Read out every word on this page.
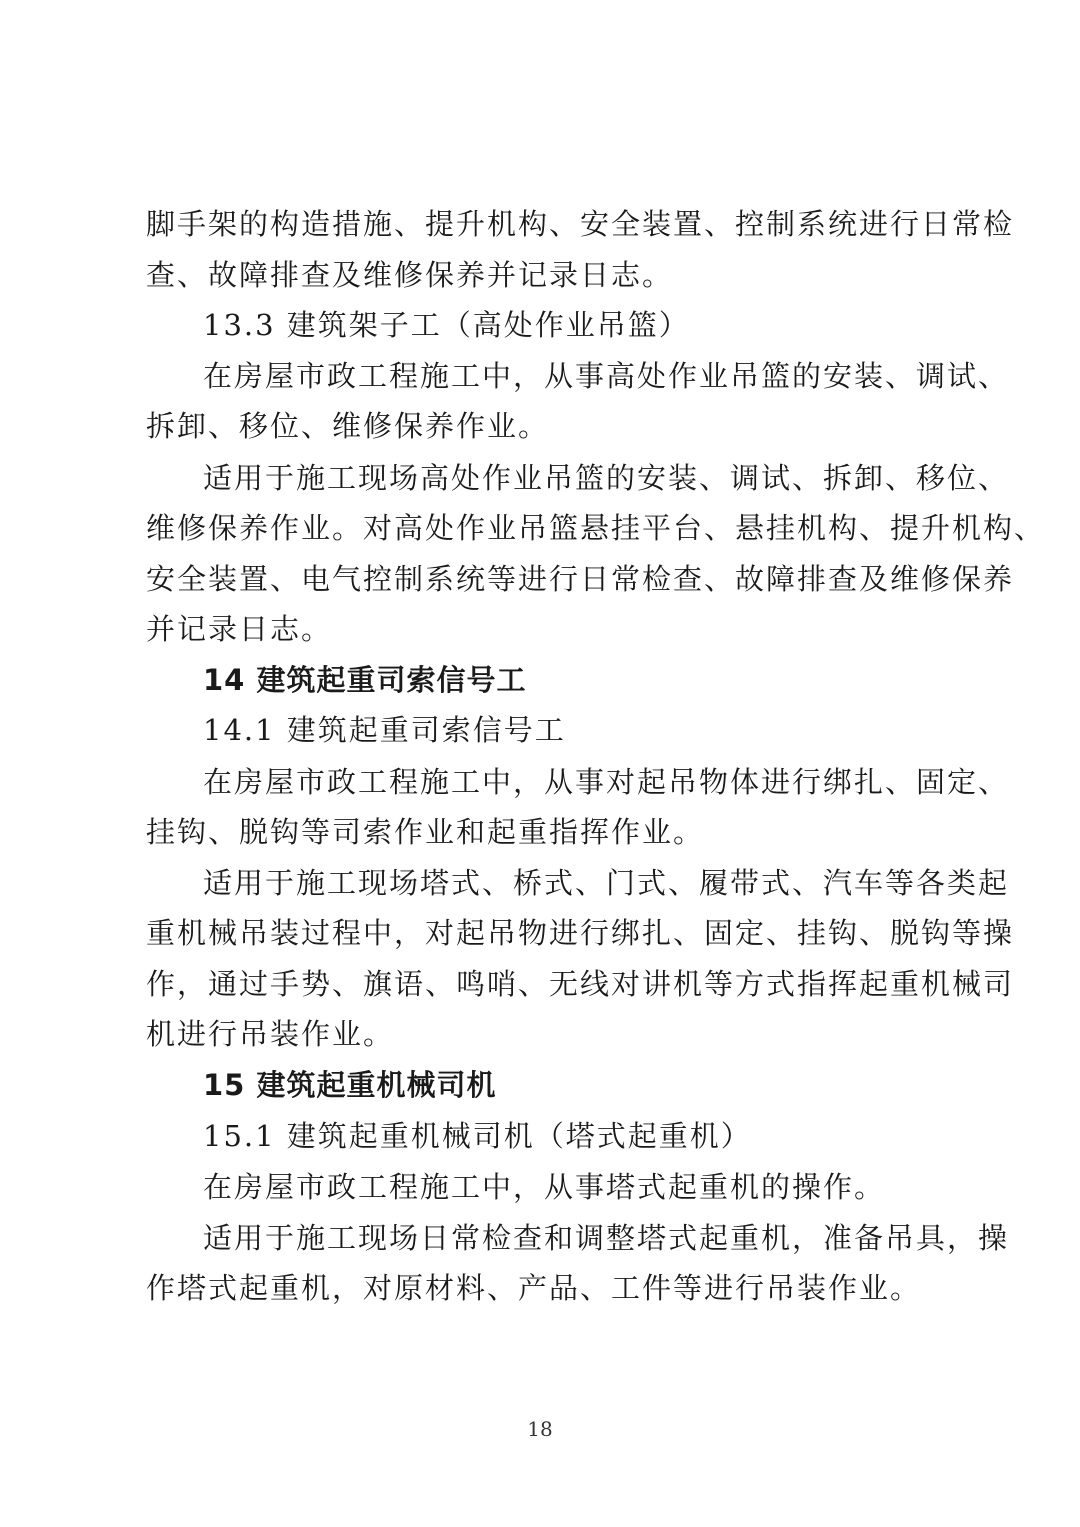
脚手架的构造措施、提升机构、安全装置、控制系统进行日常检
查、故障排查及维修保养并记录日志。
13.3 建筑架子工（高处作业吊篮）
在房屋市政工程施工中，从事高处作业吊篮的安装、调试、
拆卸、移位、维修保养作业。
适用于施工现场高处作业吊篮的安装、调试、拆卸、移位、
维修保养作业。对高处作业吊篮悬挂平台、悬挂机构、提升机构、
安全装置、电气控制系统等进行日常检查、故障排查及维修保养
并记录日志。
14 建筑起重司索信号工
14.1 建筑起重司索信号工
在房屋市政工程施工中，从事对起吊物体进行绑扎、固定、
挂钩、脱钩等司索作业和起重指挥作业。
适用于施工现场塔式、桥式、门式、履带式、汽车等各类起
重机械吊装过程中，对起吊物进行绑扎、固定、挂钩、脱钩等操
作，通过手势、旗语、鸣哨、无线对讲机等方式指挥起重机械司
机进行吊装作业。
15 建筑起重机械司机
15.1 建筑起重机械司机（塔式起重机）
在房屋市政工程施工中，从事塔式起重机的操作。
适用于施工现场日常检查和调整塔式起重机，准备吊具，操
作塔式起重机，对原材料、产品、工件等进行吊装作业。
18
